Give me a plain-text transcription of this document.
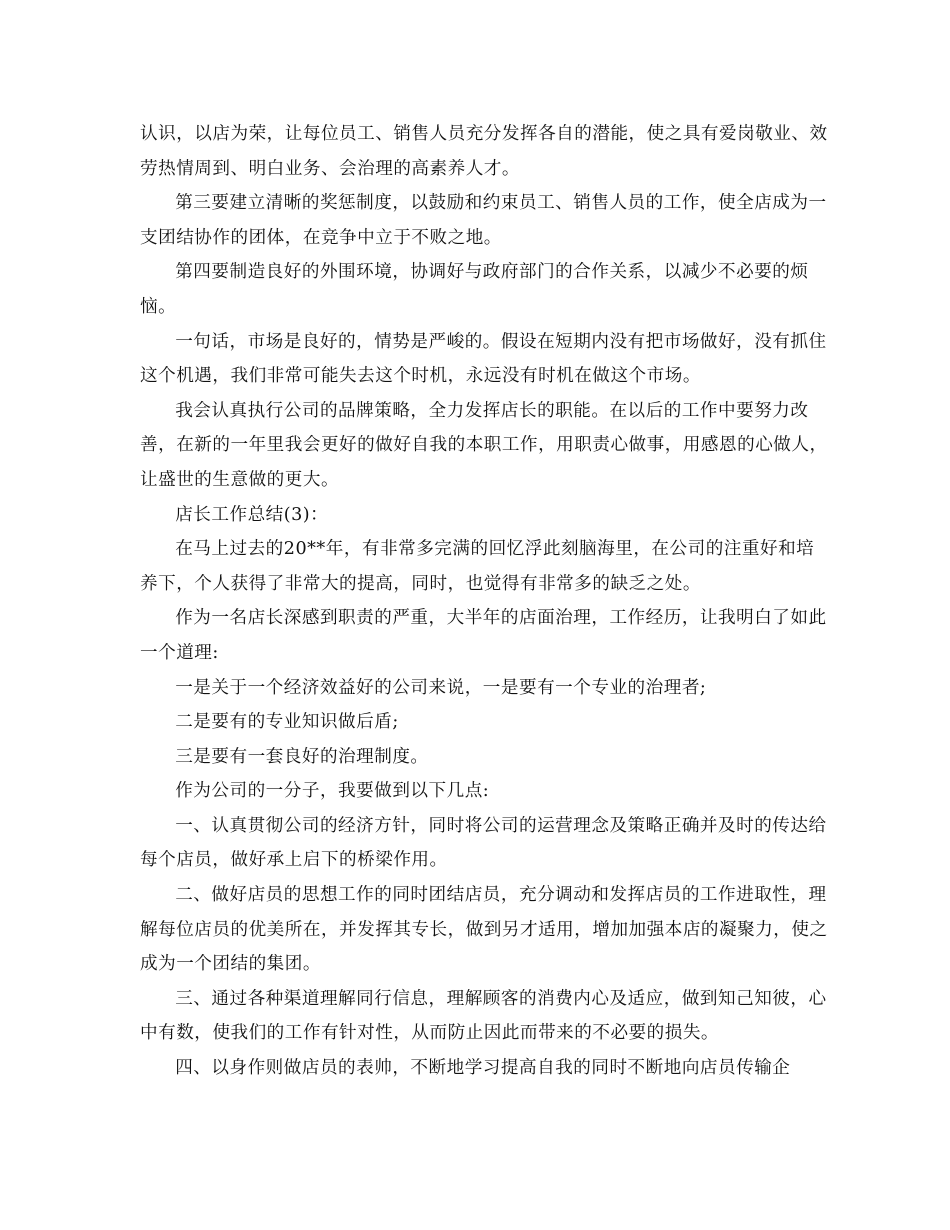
认识，以店为荣，让每位员工、销售人员充分发挥各自的潜能，使之具有爱岗敬业、效劳热情周到、明白业务、会治理的高素养人才。

第三要建立清晰的奖惩制度，以鼓励和约束员工、销售人员的工作，使全店成为一支团结协作的团体，在竞争中立于不败之地。

第四要制造良好的外围环境，协调好与政府部门的合作关系，以减少不必要的烦恼。

一句话，市场是良好的，情势是严峻的。假设在短期内没有把市场做好，没有抓住这个机遇，我们非常可能失去这个时机，永远没有时机在做这个市场。

我会认真执行公司的品牌策略，全力发挥店长的职能。在以后的工作中要努力改善，在新的一年里我会更好的做好自我的本职工作，用职责心做事，用感恩的心做人，让盛世的生意做的更大。

店长工作总结(3)：

在马上过去的20**年，有非常多完满的回忆浮此刻脑海里，在公司的注重好和培养下，个人获得了非常大的提高，同时，也觉得有非常多的缺乏之处。

作为一名店长深感到职责的严重，大半年的店面治理，工作经历，让我明白了如此一个道理:

一是关于一个经济效益好的公司来说，一是要有一个专业的治理者;

二是要有的专业知识做后盾;

三是要有一套良好的治理制度。

作为公司的一分子，我要做到以下几点:

一、认真贯彻公司的经济方针，同时将公司的运营理念及策略正确并及时的传达给每个店员，做好承上启下的桥梁作用。

二、做好店员的思想工作的同时团结店员，充分调动和发挥店员的工作进取性，理解每位店员的优美所在，并发挥其专长，做到另才适用，增加加强本店的凝聚力，使之成为一个团结的集团。

三、通过各种渠道理解同行信息，理解顾客的消费内心及适应，做到知己知彼，心中有数，使我们的工作有针对性，从而防止因此而带来的不必要的损失。

四、以身作则做店员的表帅，不断地学习提高自我的同时不断地向店员传输企
